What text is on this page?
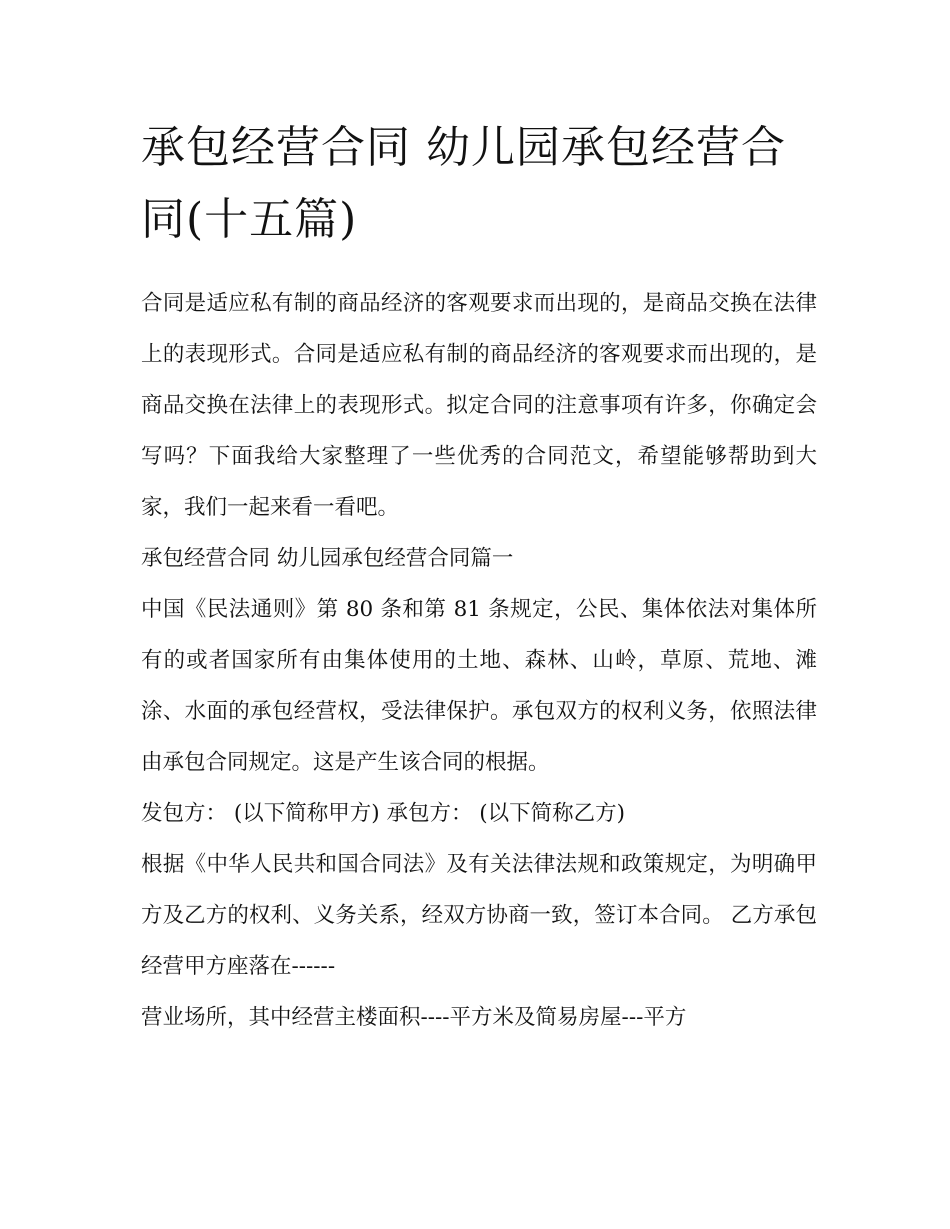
承包经营合同 幼儿园承包经营合同(十五篇)

合同是适应私有制的商品经济的客观要求而出现的，是商品交换在法律上的表现形式。合同是适应私有制的商品经济的客观要求而出现的，是商品交换在法律上的表现形式。拟定合同的注意事项有许多，你确定会写吗？下面我给大家整理了一些优秀的合同范文，希望能够帮助到大家，我们一起来看一看吧。

承包经营合同 幼儿园承包经营合同篇一

中国《民法通则》第 80 条和第 81 条规定，公民、集体依法对集体所有的或者国家所有由集体使用的土地、森林、山岭，草原、荒地、滩涂、水面的承包经营权，受法律保护。承包双方的权利义务，依照法律由承包合同规定。这是产生该合同的根据。

发包方： (以下简称甲方) 承包方： (以下简称乙方)

根据《中华人民共和国合同法》及有关法律法规和政策规定，为明确甲方及乙方的权利、义务关系，经双方协商一致，签订本合同。 乙方承包经营甲方座落在------

营业场所，其中经营主楼面积----平方米及简易房屋---平方
